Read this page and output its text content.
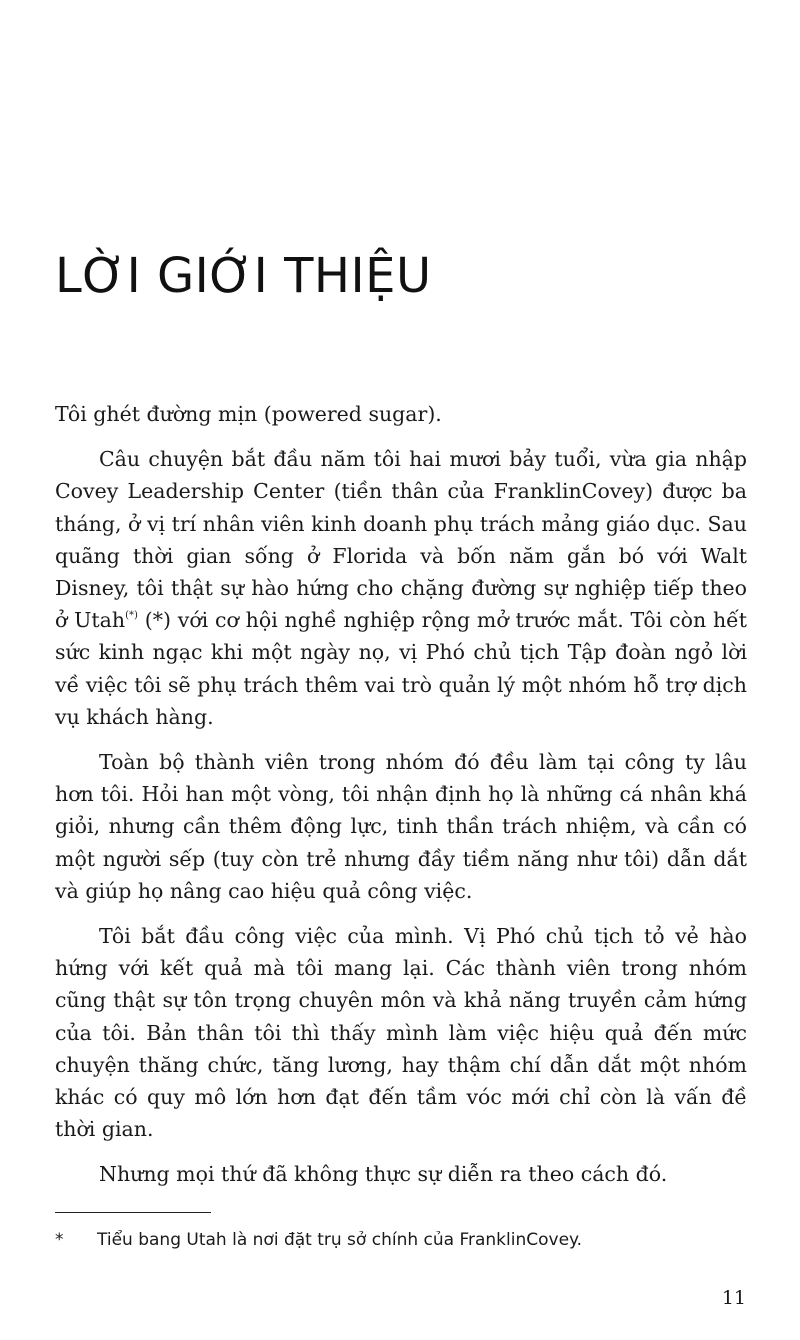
LỜI GIỚI THIỆU

Tôi ghét đường mịn (powered sugar).

Câu chuyện bắt đầu năm tôi hai mươi bảy tuổi, vừa gia nhập Covey Leadership Center (tiền thân của FranklinCovey) được ba tháng, ở vị trí nhân viên kinh doanh phụ trách mảng giáo dục. Sau quãng thời gian sống ở Florida và bốn năm gắn bó với Walt Disney, tôi thật sự hào hứng cho chặng đường sự nghiệp tiếp theo ở Utah(*) (*) với cơ hội nghề nghiệp rộng mở trước mắt. Tôi còn hết sức kinh ngạc khi một ngày nọ, vị Phó chủ tịch Tập đoàn ngỏ lời về việc tôi sẽ phụ trách thêm vai trò quản lý một nhóm hỗ trợ dịch vụ khách hàng.

Toàn bộ thành viên trong nhóm đó đều làm tại công ty lâu hơn tôi. Hỏi han một vòng, tôi nhận định họ là những cá nhân khá giỏi, nhưng cần thêm động lực, tinh thần trách nhiệm, và cần có một người sếp (tuy còn trẻ nhưng đầy tiềm năng như tôi) dẫn dắt và giúp họ nâng cao hiệu quả công việc.

Tôi bắt đầu công việc của mình. Vị Phó chủ tịch tỏ vẻ hào hứng với kết quả mà tôi mang lại. Các thành viên trong nhóm cũng thật sự tôn trọng chuyên môn và khả năng truyền cảm hứng của tôi. Bản thân tôi thì thấy mình làm việc hiệu quả đến mức chuyện thăng chức, tăng lương, hay thậm chí dẫn dắt một nhóm khác có quy mô lớn hơn đạt đến tầm vóc mới chỉ còn là vấn đề thời gian.

Nhưng mọi thứ đã không thực sự diễn ra theo cách đó.

* Tiểu bang Utah là nơi đặt trụ sở chính của FranklinCovey.
11
